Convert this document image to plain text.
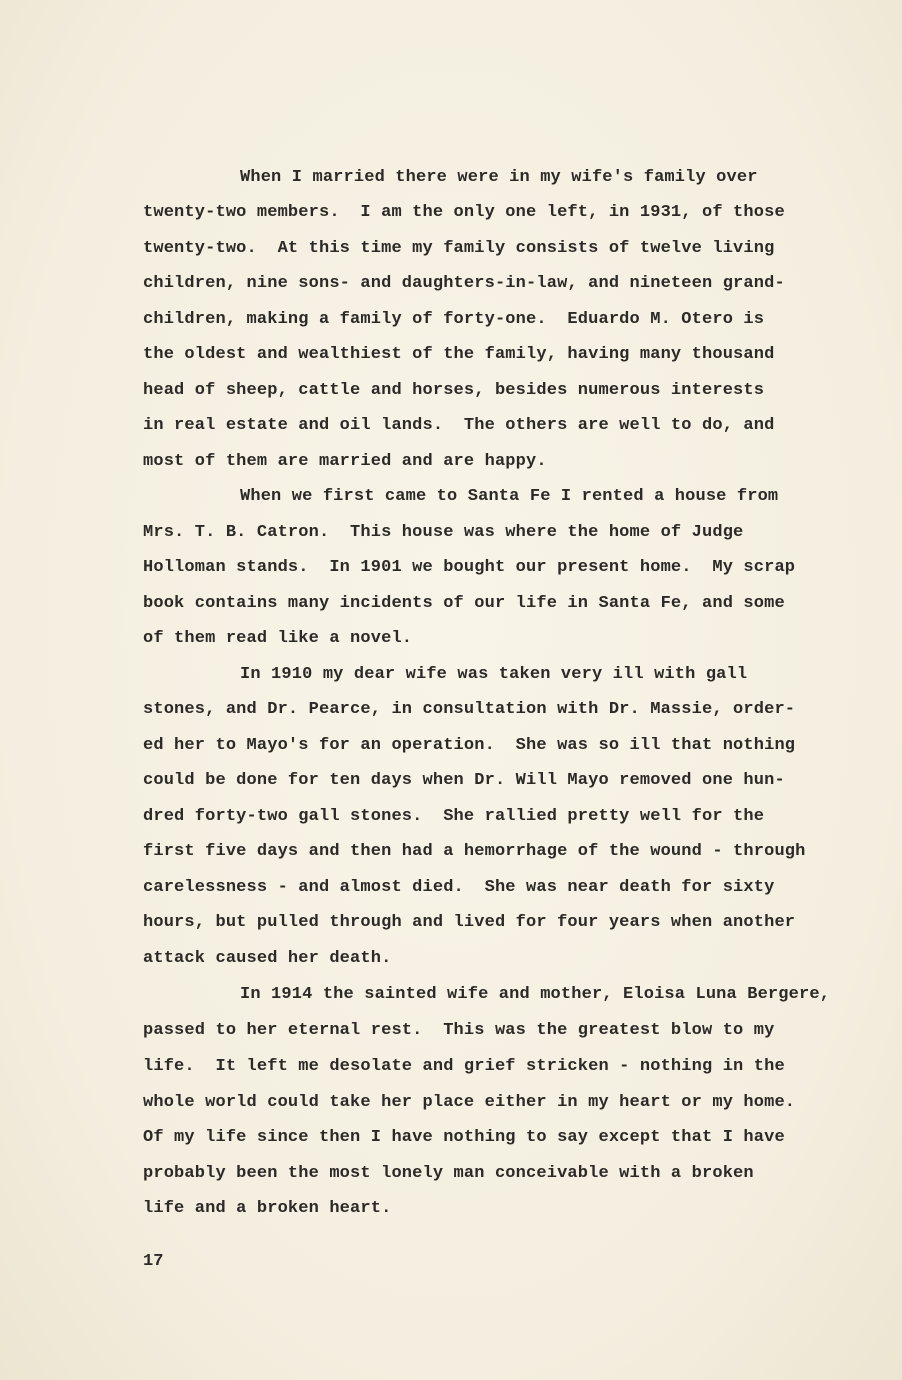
When I married there were in my wife's family over
twenty-two members.  I am the only one left, in 1931, of those
twenty-two.  At this time my family consists of twelve living
children, nine sons- and daughters-in-law, and nineteen grand-
children, making a family of forty-one.  Eduardo M. Otero is
the oldest and wealthiest of the family, having many thousand
head of sheep, cattle and horses, besides numerous interests
in real estate and oil lands.  The others are well to do, and
most of them are married and are happy.
When we first came to Santa Fe I rented a house from
Mrs. T. B. Catron.  This house was where the home of Judge
Holloman stands.  In 1901 we bought our present home.  My scrap
book contains many incidents of our life in Santa Fe, and some
of them read like a novel.
In 1910 my dear wife was taken very ill with gall
stones, and Dr. Pearce, in consultation with Dr. Massie, order-
ed her to Mayo's for an operation.  She was so ill that nothing
could be done for ten days when Dr. Will Mayo removed one hun-
dred forty-two gall stones.  She rallied pretty well for the
first five days and then had a hemorrhage of the wound - through
carelessness - and almost died.  She was near death for sixty
hours, but pulled through and lived for four years when another
attack caused her death.
In 1914 the sainted wife and mother, Eloisa Luna Bergere,
passed to her eternal rest.  This was the greatest blow to my
life.  It left me desolate and grief stricken - nothing in the
whole world could take her place either in my heart or my home.
Of my life since then I have nothing to say except that I have
probably been the most lonely man conceivable with a broken
life and a broken heart.
17
